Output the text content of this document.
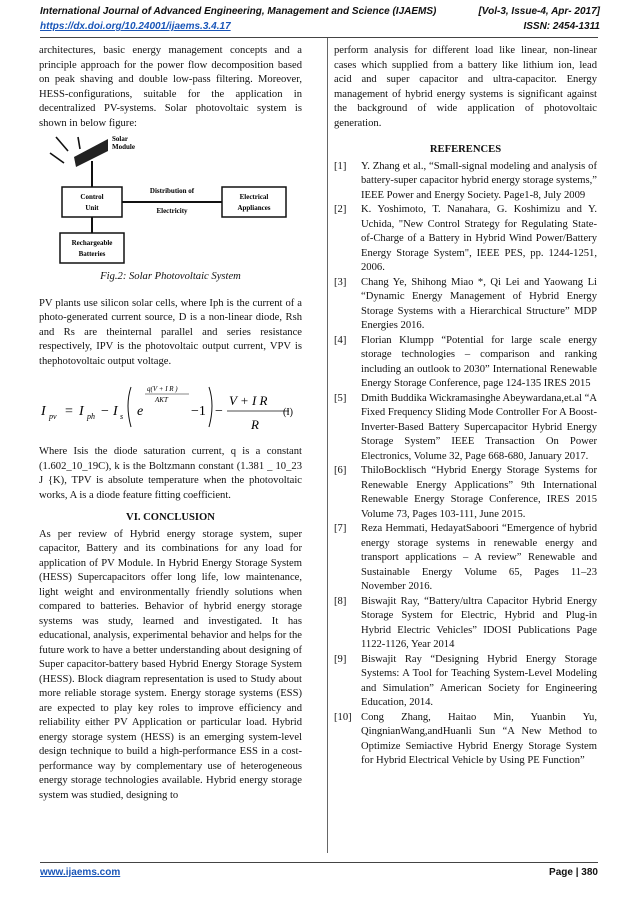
International Journal of Advanced Engineering, Management and Science (IJAEMS)	[Vol-3, Issue-4, Apr- 2017]
https://dx.doi.org/10.24001/ijaems.3.4.17	ISSN: 2454-1311

architectures, basic energy management concepts and a principle approach for the power flow decomposition based on peak shaving and double low-pass filtering. Moreover, HESS-configurations, suitable for the application in decentralized PV-systems. Solar photovoltaic system is shown in below figure:

Solar
Module
Control
Unit
Distribution of
Electricity
Electrical
Appliances
Rechargeable
Batteries
Fig.2: Solar Photovoltaic System

PV plants use silicon solar cells, where Iph is the current of a photo-generated current source, D is a non-linear diode, Rsh and Rs are theinternal parallel and series resistance respectively, IPV is the photovoltaic output current, VPV is thephotovoltaic output voltage.

I pv = I ph − I s e
q(V + I R )
AKT
−1 −
V + I R
R
(I)

Where Isis the diode saturation current, q is a constant (1.602_10_19C), k is the Boltzmann constant (1.381 _ 10_23 J {K), TPV is absolute temperature when the photovoltaic works, A is a diode feature fitting coefficient.

VI. CONCLUSION

As per review of Hybrid energy storage system, super capacitor, Battery and its combinations for any load for application of PV Module. In Hybrid Energy Storage System (HESS) Supercapacitors offer long life, low maintenance, light weight and environmentally friendly solutions when compared to batteries. Behavior of hybrid energy storage systems was study, learned and investigated. It has educational, analysis, experimental behavior and helps for the future work to have a better understanding about designing of Super capacitor-battery based Hybrid Energy Storage System (HESS). Block diagram representation is used to Study about more reliable storage system. Energy storage systems (ESS) are expected to play key roles to improve efficiency and reliability either PV Application or particular load. Hybrid energy storage system (HESS) is an emerging system-level design technique to build a high-performance ESS in a cost-performance way by complementary use of heterogeneous energy storage technologies available. Hybrid energy storage system was studied, designing to

perform analysis for different load like linear, non-linear cases which supplied from a battery like lithium ion, lead acid and super capacitor and ultra-capacitor. Energy management of hybrid energy systems is significant against the background of wide application of photovoltaic generation.

REFERENCES
[1] Y. Zhang et al., “Small-signal modeling and analysis of battery-super capacitor hybrid energy storage systems,” IEEE Power and Energy Society. Page1-8, July 2009
[2] K. Yoshimoto, T. Nanahara, G. Koshimizu and Y. Uchida, "New Control Strategy for Regulating State-of-Charge of a Battery in Hybrid Wind Power/Battery Energy Storage System", IEEE PES, pp. 1244-1251, 2006.
[3] Chang Ye, Shihong Miao *, Qi Lei and Yaowang Li “Dynamic Energy Management of Hybrid Energy Storage Systems with a Hierarchical Structure” MDP Energies 2016.
[4] Florian Klumpp “Potential for large scale energy storage technologies – comparison and ranking including an outlook to 2030” International Renewable Energy Storage Conference, page 124-135 IRES 2015
[5] Dmith Buddika Wickramasinghe Abeywardana,et.al “A Fixed Frequency Sliding Mode Controller For A Boost-Inverter-Based Battery Supercapacitor Hybrid Energy Storage System” IEEE Transaction On Power Electronics, Volume 32, Page 668-680, January 2017.
[6] ThiloBocklisch “Hybrid Energy Storage Systems for Renewable Energy Applications” 9th International Renewable Energy Storage Conference, IRES 2015 Volume 73, Pages 103-111, June 2015.
[7] Reza Hemmati, HedayatSaboori “Emergence of hybrid energy storage systems in renewable energy and transport applications – A review” Renewable and Sustainable Energy Volume 65, Pages 11–23 November 2016.
[8] Biswajit Ray, “Battery/ultra Capacitor Hybrid Energy Storage System for Electric, Hybrid and Plug-in Hybrid Electric Vehicles” IDOSI Publications Page 1122-1126, Year 2014
[9] Biswajit Ray “Designing Hybrid Energy Storage Systems: A Tool for Teaching System-Level Modeling and Simulation” American Society for Engineering Education, 2014.
[10] Cong Zhang, Haitao Min, Yuanbin Yu, QingnianWang,andHuanli Sun “A New Method to Optimize Semiactive Hybrid Energy Storage System for Hybrid Electrical Vehicle by Using PE Function”
www.ijaems.com	Page | 380
